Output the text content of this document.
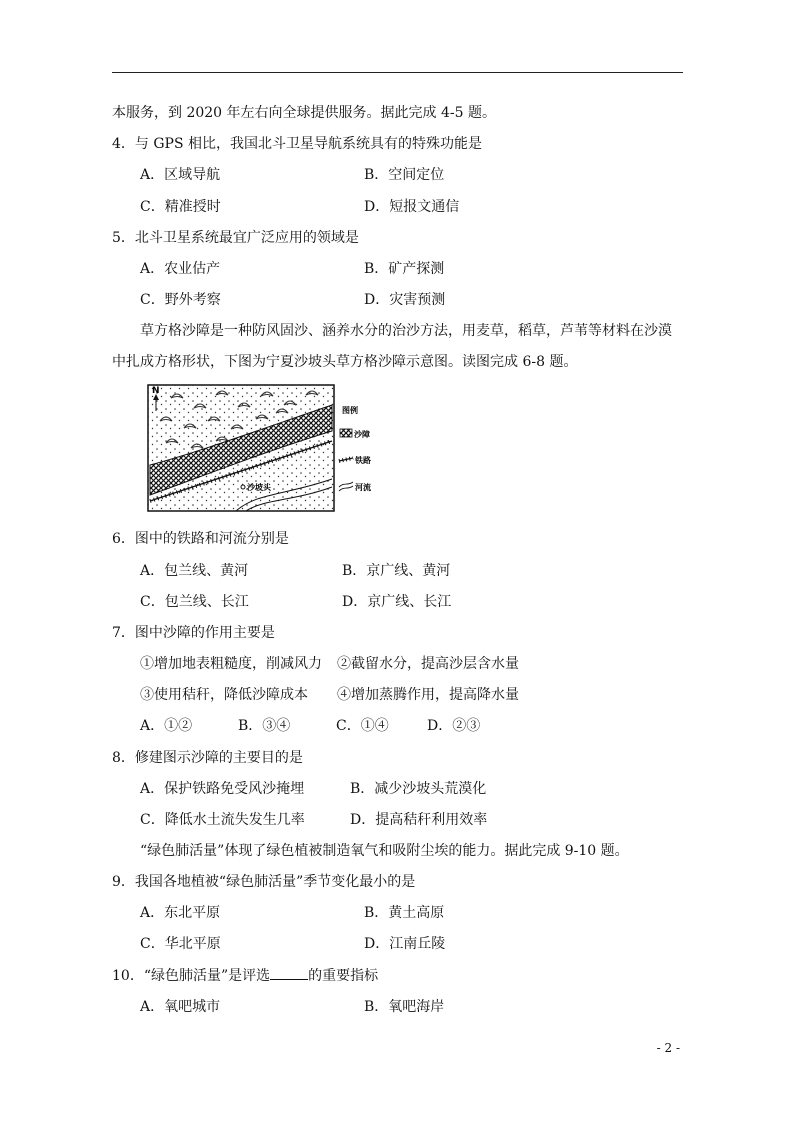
本服务，到 2020 年左右向全球提供服务。据此完成 4-5 题。
4．与 GPS 相比，我国北斗卫星导航系统具有的特殊功能是
A．区域导航	B．空间定位
C．精准授时	D．短报文通信
5．北斗卫星系统最宜广泛应用的领域是
A．农业估产	B．矿产探测
C．野外考察	D．灾害预测
草方格沙障是一种防风固沙、涵养水分的治沙方法，用麦草，稻草，芦苇等材料在沙漠
中扎成方格形状，下图为宁夏沙坡头草方格沙障示意图。读图完成 6-8 题。
N
沙坡头
图例
沙障
铁路
河流
6．图中的铁路和河流分别是
A．包兰线、黄河	B．京广线、黄河
C．包兰线、长江	D．京广线、长江
7．图中沙障的作用主要是
①增加地表粗糙度，削减风力 ②截留水分，提高沙层含水量
③使用秸秆，降低沙障成本 ④增加蒸腾作用，提高降水量
A．①②	B．③④	C．①④	D．②③
8．修建图示沙障的主要目的是
A．保护铁路免受风沙掩埋	B．减少沙坡头荒漠化
C．降低水土流失发生几率	D．提高秸秆利用效率
“绿色肺活量”体现了绿色植被制造氧气和吸附尘埃的能力。据此完成 9-10 题。
9．我国各地植被“绿色肺活量”季节变化最小的是
A．东北平原	B．黄土高原
C．华北平原	D．江南丘陵
10．“绿色肺活量”是评选	的重要指标
A．氧吧城市	B．氧吧海岸
- 2 -
